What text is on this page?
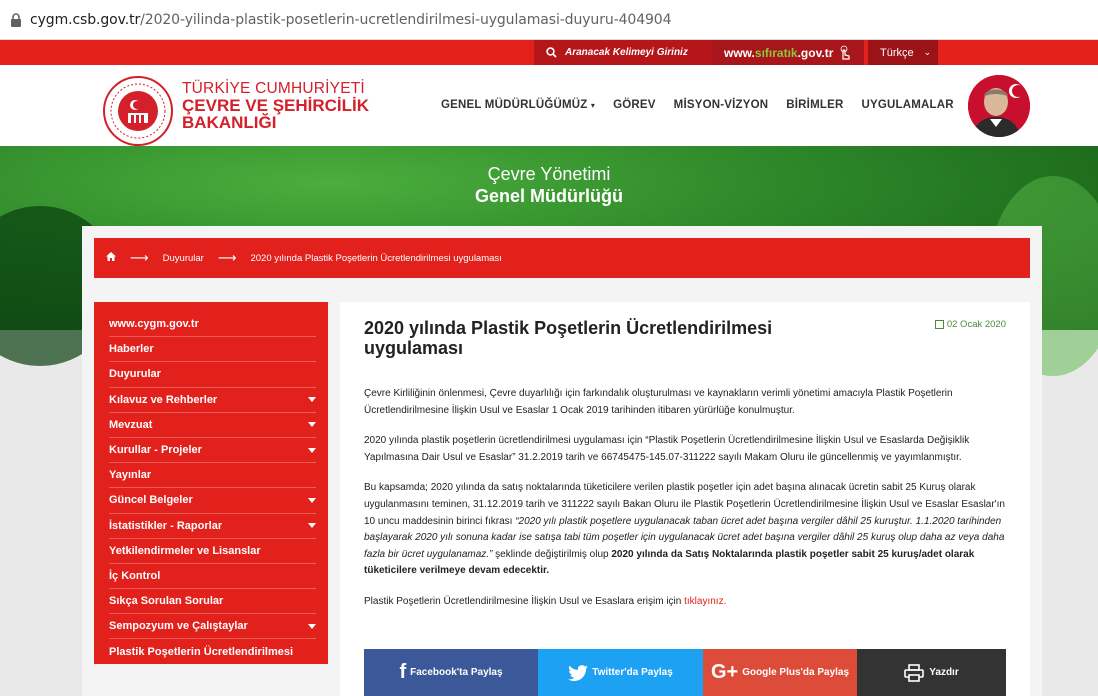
cygm.csb.gov.tr/2020-yilinda-plastik-posetlerin-ucretlendirilmesi-uygulamasi-duyuru-404904
Aranacak Kelimeyi Giriniz	www. sıfır atık .gov.tr	Türkçe ⌄
TÜRKİYE CUMHURİYETİ
ÇEVRE VE ŞEHİRCİLİK
BAKANLIĞI
GENEL MÜDÜRLÜĞÜMÜZ ▾ GÖREV MİSYON-VİZYON BİRİMLER UYGULAMALAR
Çevre Yönetimi
Genel Müdürlüğü
⟶ Duyurular ⟶ 2020 yılında Plastik Poşetlerin Ücretlendirilmesi uygulaması
www.cygm.gov.tr
Haberler
Duyurular
Kılavuz ve Rehberler
Mevzuat
Kurullar - Projeler
Yayınlar
Güncel Belgeler
İstatistikler - Raporlar
Yetkilendirmeler ve Lisanslar
İç Kontrol
Sıkça Sorulan Sorular
Sempozyum ve Çalıştaylar
Plastik Poşetlerin Ücretlendirilmesi
2020 yılında Plastik Poşetlerin Ücretlendirilmesi uygulaması
02 Ocak 2020

Çevre Kirliliğinin önlenmesi, Çevre duyarlılığı için farkındalık oluşturulması ve kaynakların verimli yönetimi amacıyla Plastik Poşetlerin Ücretlendirilmesine İlişkin Usul ve Esaslar 1 Ocak 2019 tarihinden itibaren yürürlüğe konulmuştur.

2020 yılında plastik poşetlerin ücretlendirilmesi uygulaması için “Plastik Poşetlerin Ücretlendirilmesine İlişkin Usul ve Esaslarda Değişiklik Yapılmasına Dair Usul ve Esaslar” 31.2.2019 tarih ve 66745475-145.07-311222 sayılı Makam Oluru ile güncellenmiş ve yayımlanmıştır.

Bu kapsamda; 2020 yılında da satış noktalarında tüketicilere verilen plastik poşetler için adet başına alınacak ücretin sabit 25 Kuruş olarak uygulanmasını teminen, 31.12.2019 tarih ve 311222 sayılı Bakan Oluru ile Plastik Poşetlerin Ücretlendirilmesine İlişkin Usul ve Esaslar Esaslar'ın 10 uncu maddesinin birinci fıkrası “2020 yılı plastik poşetlere uygulanacak taban ücret adet başına vergiler dâhil 25 kuruştur. 1.1.2020 tarihinden başlayarak 2020 yılı sonuna kadar ise satışa tabi tüm poşetler için uygulanacak ücret adet başına vergiler dâhil 25 kuruş olup daha az veya daha fazla bir ücret uygulanamaz.” şeklinde değiştirilmiş olup 2020 yılında da Satış Noktalarında plastik poşetler sabit 25 kuruş/adet olarak tüketicilere verilmeye devam edecektir.

Plastik Poşetlerin Ücretlendirilmesine İlişkin Usul ve Esaslara erişim için tıklayınız.

f Facebook'ta Paylaş	Twitter'da Paylaş G+ Google Plus'da Paylaş	Yazdır
